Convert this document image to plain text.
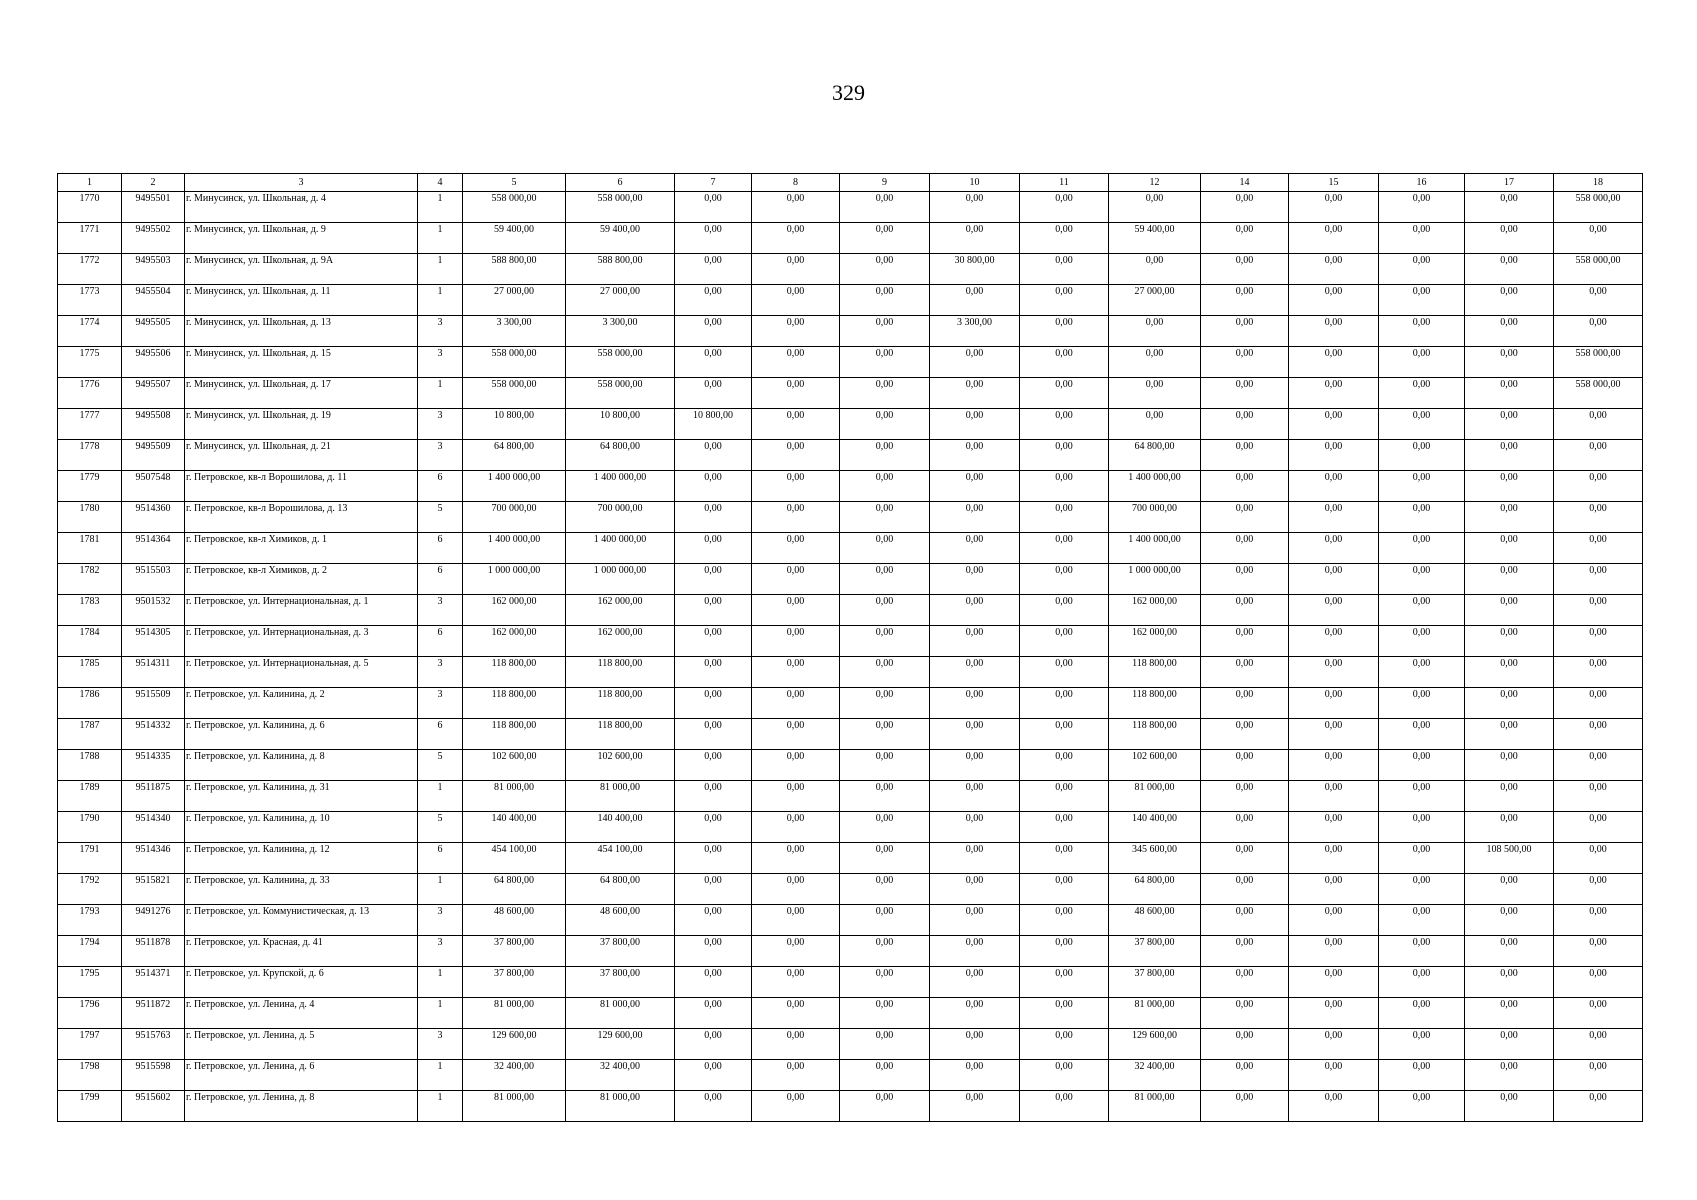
329
1	2	3	4	5	6	7	8	9	10	11	12	14	15	16	17	18
1770	9495501	г. Минусинск, ул. Школьная, д. 4	1	558 000,00	558 000,00	0,00	0,00	0,00	0,00	0,00	0,00	0,00	0,00	0,00	0,00	558 000,00
1771	9495502	г. Минусинск, ул. Школьная, д. 9	1	59 400,00	59 400,00	0,00	0,00	0,00	0,00	0,00	59 400,00	0,00	0,00	0,00	0,00	0,00
1772	9495503	г. Минусинск, ул. Школьная, д. 9А	1	588 800,00	588 800,00	0,00	0,00	0,00	30 800,00	0,00	0,00	0,00	0,00	0,00	0,00	558 000,00
1773	9455504	г. Минусинск, ул. Школьная, д. 11	1	27 000,00	27 000,00	0,00	0,00	0,00	0,00	0,00	27 000,00	0,00	0,00	0,00	0,00	0,00
1774	9495505	г. Минусинск, ул. Школьная, д. 13	3	3 300,00	3 300,00	0,00	0,00	0,00	3 300,00	0,00	0,00	0,00	0,00	0,00	0,00	0,00
1775	9495506	г. Минусинск, ул. Школьная, д. 15	3	558 000,00	558 000,00	0,00	0,00	0,00	0,00	0,00	0,00	0,00	0,00	0,00	0,00	558 000,00
1776	9495507	г. Минусинск, ул. Школьная, д. 17	1	558 000,00	558 000,00	0,00	0,00	0,00	0,00	0,00	0,00	0,00	0,00	0,00	0,00	558 000,00
1777	9495508	г. Минусинск, ул. Школьная, д. 19	3	10 800,00	10 800,00	10 800,00	0,00	0,00	0,00	0,00	0,00	0,00	0,00	0,00	0,00	0,00
1778	9495509	г. Минусинск, ул. Школьная, д. 21	3	64 800,00	64 800,00	0,00	0,00	0,00	0,00	0,00	64 800,00	0,00	0,00	0,00	0,00	0,00
1779	9507548	г. Петровское, кв-л Ворошилова, д. 11	6	1 400 000,00	1 400 000,00	0,00	0,00	0,00	0,00	0,00	1 400 000,00	0,00	0,00	0,00	0,00	0,00
1780	9514360	г. Петровское, кв-л Ворошилова, д. 13	5	700 000,00	700 000,00	0,00	0,00	0,00	0,00	0,00	700 000,00	0,00	0,00	0,00	0,00	0,00
1781	9514364	г. Петровское, кв-л Химиков, д. 1	6	1 400 000,00	1 400 000,00	0,00	0,00	0,00	0,00	0,00	1 400 000,00	0,00	0,00	0,00	0,00	0,00
1782	9515503	г. Петровское, кв-л Химиков, д. 2	6	1 000 000,00	1 000 000,00	0,00	0,00	0,00	0,00	0,00	1 000 000,00	0,00	0,00	0,00	0,00	0,00
1783	9501532	г. Петровское, ул. Интернациональная, д. 1	3	162 000,00	162 000,00	0,00	0,00	0,00	0,00	0,00	162 000,00	0,00	0,00	0,00	0,00	0,00
1784	9514305	г. Петровское, ул. Интернациональная, д. 3	6	162 000,00	162 000,00	0,00	0,00	0,00	0,00	0,00	162 000,00	0,00	0,00	0,00	0,00	0,00
1785	9514311	г. Петровское, ул. Интернациональная, д. 5	3	118 800,00	118 800,00	0,00	0,00	0,00	0,00	0,00	118 800,00	0,00	0,00	0,00	0,00	0,00
1786	9515509	г. Петровское, ул. Калинина, д. 2	3	118 800,00	118 800,00	0,00	0,00	0,00	0,00	0,00	118 800,00	0,00	0,00	0,00	0,00	0,00
1787	9514332	г. Петровское, ул. Калинина, д. 6	6	118 800,00	118 800,00	0,00	0,00	0,00	0,00	0,00	118 800,00	0,00	0,00	0,00	0,00	0,00
1788	9514335	г. Петровское, ул. Калинина, д. 8	5	102 600,00	102 600,00	0,00	0,00	0,00	0,00	0,00	102 600,00	0,00	0,00	0,00	0,00	0,00
1789	9511875	г. Петровское, ул. Калинина, д. 31	1	81 000,00	81 000,00	0,00	0,00	0,00	0,00	0,00	81 000,00	0,00	0,00	0,00	0,00	0,00
1790	9514340	г. Петровское, ул. Калинина, д. 10	5	140 400,00	140 400,00	0,00	0,00	0,00	0,00	0,00	140 400,00	0,00	0,00	0,00	0,00	0,00
1791	9514346	г. Петровское, ул. Калинина, д. 12	6	454 100,00	454 100,00	0,00	0,00	0,00	0,00	0,00	345 600,00	0,00	0,00	0,00	108 500,00	0,00
1792	9515821	г. Петровское, ул. Калинина, д. 33	1	64 800,00	64 800,00	0,00	0,00	0,00	0,00	0,00	64 800,00	0,00	0,00	0,00	0,00	0,00
1793	9491276	г. Петровское, ул. Коммунистическая, д. 13	3	48 600,00	48 600,00	0,00	0,00	0,00	0,00	0,00	48 600,00	0,00	0,00	0,00	0,00	0,00
1794	9511878	г. Петровское, ул. Красная, д. 41	3	37 800,00	37 800,00	0,00	0,00	0,00	0,00	0,00	37 800,00	0,00	0,00	0,00	0,00	0,00
1795	9514371	г. Петровское, ул. Крупской, д. 6	1	37 800,00	37 800,00	0,00	0,00	0,00	0,00	0,00	37 800,00	0,00	0,00	0,00	0,00	0,00
1796	9511872	г. Петровское, ул. Ленина, д. 4	1	81 000,00	81 000,00	0,00	0,00	0,00	0,00	0,00	81 000,00	0,00	0,00	0,00	0,00	0,00
1797	9515763	г. Петровское, ул. Ленина, д. 5	3	129 600,00	129 600,00	0,00	0,00	0,00	0,00	0,00	129 600,00	0,00	0,00	0,00	0,00	0,00
1798	9515598	г. Петровское, ул. Ленина, д. 6	1	32 400,00	32 400,00	0,00	0,00	0,00	0,00	0,00	32 400,00	0,00	0,00	0,00	0,00	0,00
1799	9515602	г. Петровское, ул. Ленина, д. 8	1	81 000,00	81 000,00	0,00	0,00	0,00	0,00	0,00	81 000,00	0,00	0,00	0,00	0,00	0,00
